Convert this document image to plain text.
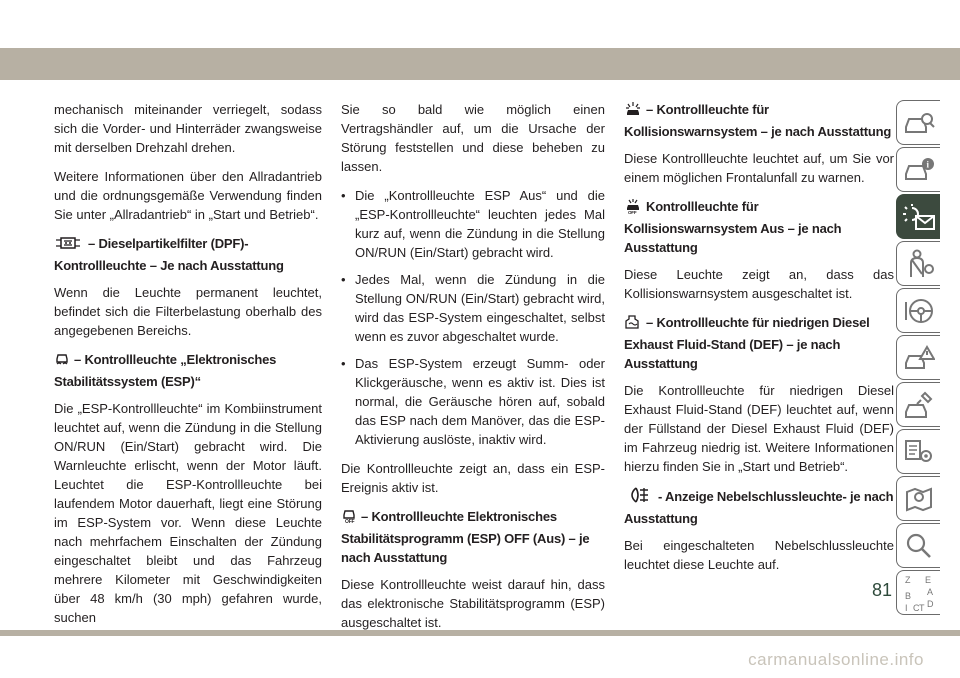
mechanisch miteinander verriegelt, sodass sich die Vorder- und Hinterräder zwangsweise mit derselben Drehzahl drehen.

Weitere Informationen über den Allradantrieb und die ordnungsgemäße Verwendung finden Sie unter „Allradantrieb“ in „Start und Betrieb“.

– Dieselpartikelfilter (DPF)-Kontrollleuchte – Je nach Ausstattung

Wenn die Leuchte permanent leuchtet, befindet sich die Filterbelastung oberhalb des angegebenen Bereichs.

– Kontrollleuchte „Elektronisches Stabilitätssystem (ESP)“

Die „ESP-Kontrollleuchte“ im Kombiinstrument leuchtet auf, wenn die Zündung in die Stellung ON/RUN (Ein/Start) gebracht wird. Die Warnleuchte erlischt, wenn der Motor läuft. Leuchtet die ESP-Kontrollleuchte bei laufendem Motor dauerhaft, liegt eine Störung im ESP-System vor. Wenn diese Leuchte nach mehrfachem Einschalten der Zündung eingeschaltet bleibt und das Fahrzeug mehrere Kilometer mit Geschwindigkeiten über 48 km/h (30 mph) gefahren wurde, suchen

Sie so bald wie möglich einen Vertragshändler auf, um die Ursache der Störung feststellen und diese beheben zu lassen.

• Die „Kontrollleuchte ESP Aus“ und die „ESP-Kontrollleuchte“ leuchten jedes Mal kurz auf, wenn die Zündung in die Stellung ON/RUN (Ein/Start) gebracht wird.
• Jedes Mal, wenn die Zündung in die Stellung ON/RUN (Ein/Start) gebracht wird, wird das ESP-System eingeschaltet, selbst wenn es zuvor abgeschaltet wurde.
• Das ESP-System erzeugt Summ- oder Klickgeräusche, wenn es aktiv ist. Dies ist normal, die Geräusche hören auf, sobald das ESP nach dem Manöver, das die ESP-Aktivierung auslöste, inaktiv wird.

Die Kontrollleuchte zeigt an, dass ein ESP-Ereignis aktiv ist.

OFF – Kontrollleuchte Elektronisches Stabilitätsprogramm (ESP) OFF (Aus) – je nach Ausstattung

Diese Kontrollleuchte weist darauf hin, dass das elektronische Stabilitätsprogramm (ESP) ausgeschaltet ist.

– Kontrollleuchte für Kollisionswarnsystem – je nach Ausstattung

Diese Kontrollleuchte leuchtet auf, um Sie vor einem möglichen Frontalunfall zu warnen.

OFF Kontrollleuchte für Kollisionswarnsystem Aus – je nach Ausstattung

Diese Leuchte zeigt an, dass das Kollisionswarnsystem ausgeschaltet ist.

– Kontrollleuchte für niedrigen Diesel Exhaust Fluid-Stand (DEF) – je nach Ausstattung

Die Kontrollleuchte für niedrigen Diesel Exhaust Fluid-Stand (DEF) leuchtet auf, wenn der Füllstand der Diesel Exhaust Fluid (DEF) im Fahrzeug niedrig ist. Weitere Informationen hierzu finden Sie in „Start und Betrieb“.

- Anzeige Nebelschlussleuchte- je nach Ausstattung

Bei eingeschalteten Nebelschlussleuchte leuchtet diese Leuchte auf.

i
Z E
A
B
D
I C T
81
carmanualsonline.info
